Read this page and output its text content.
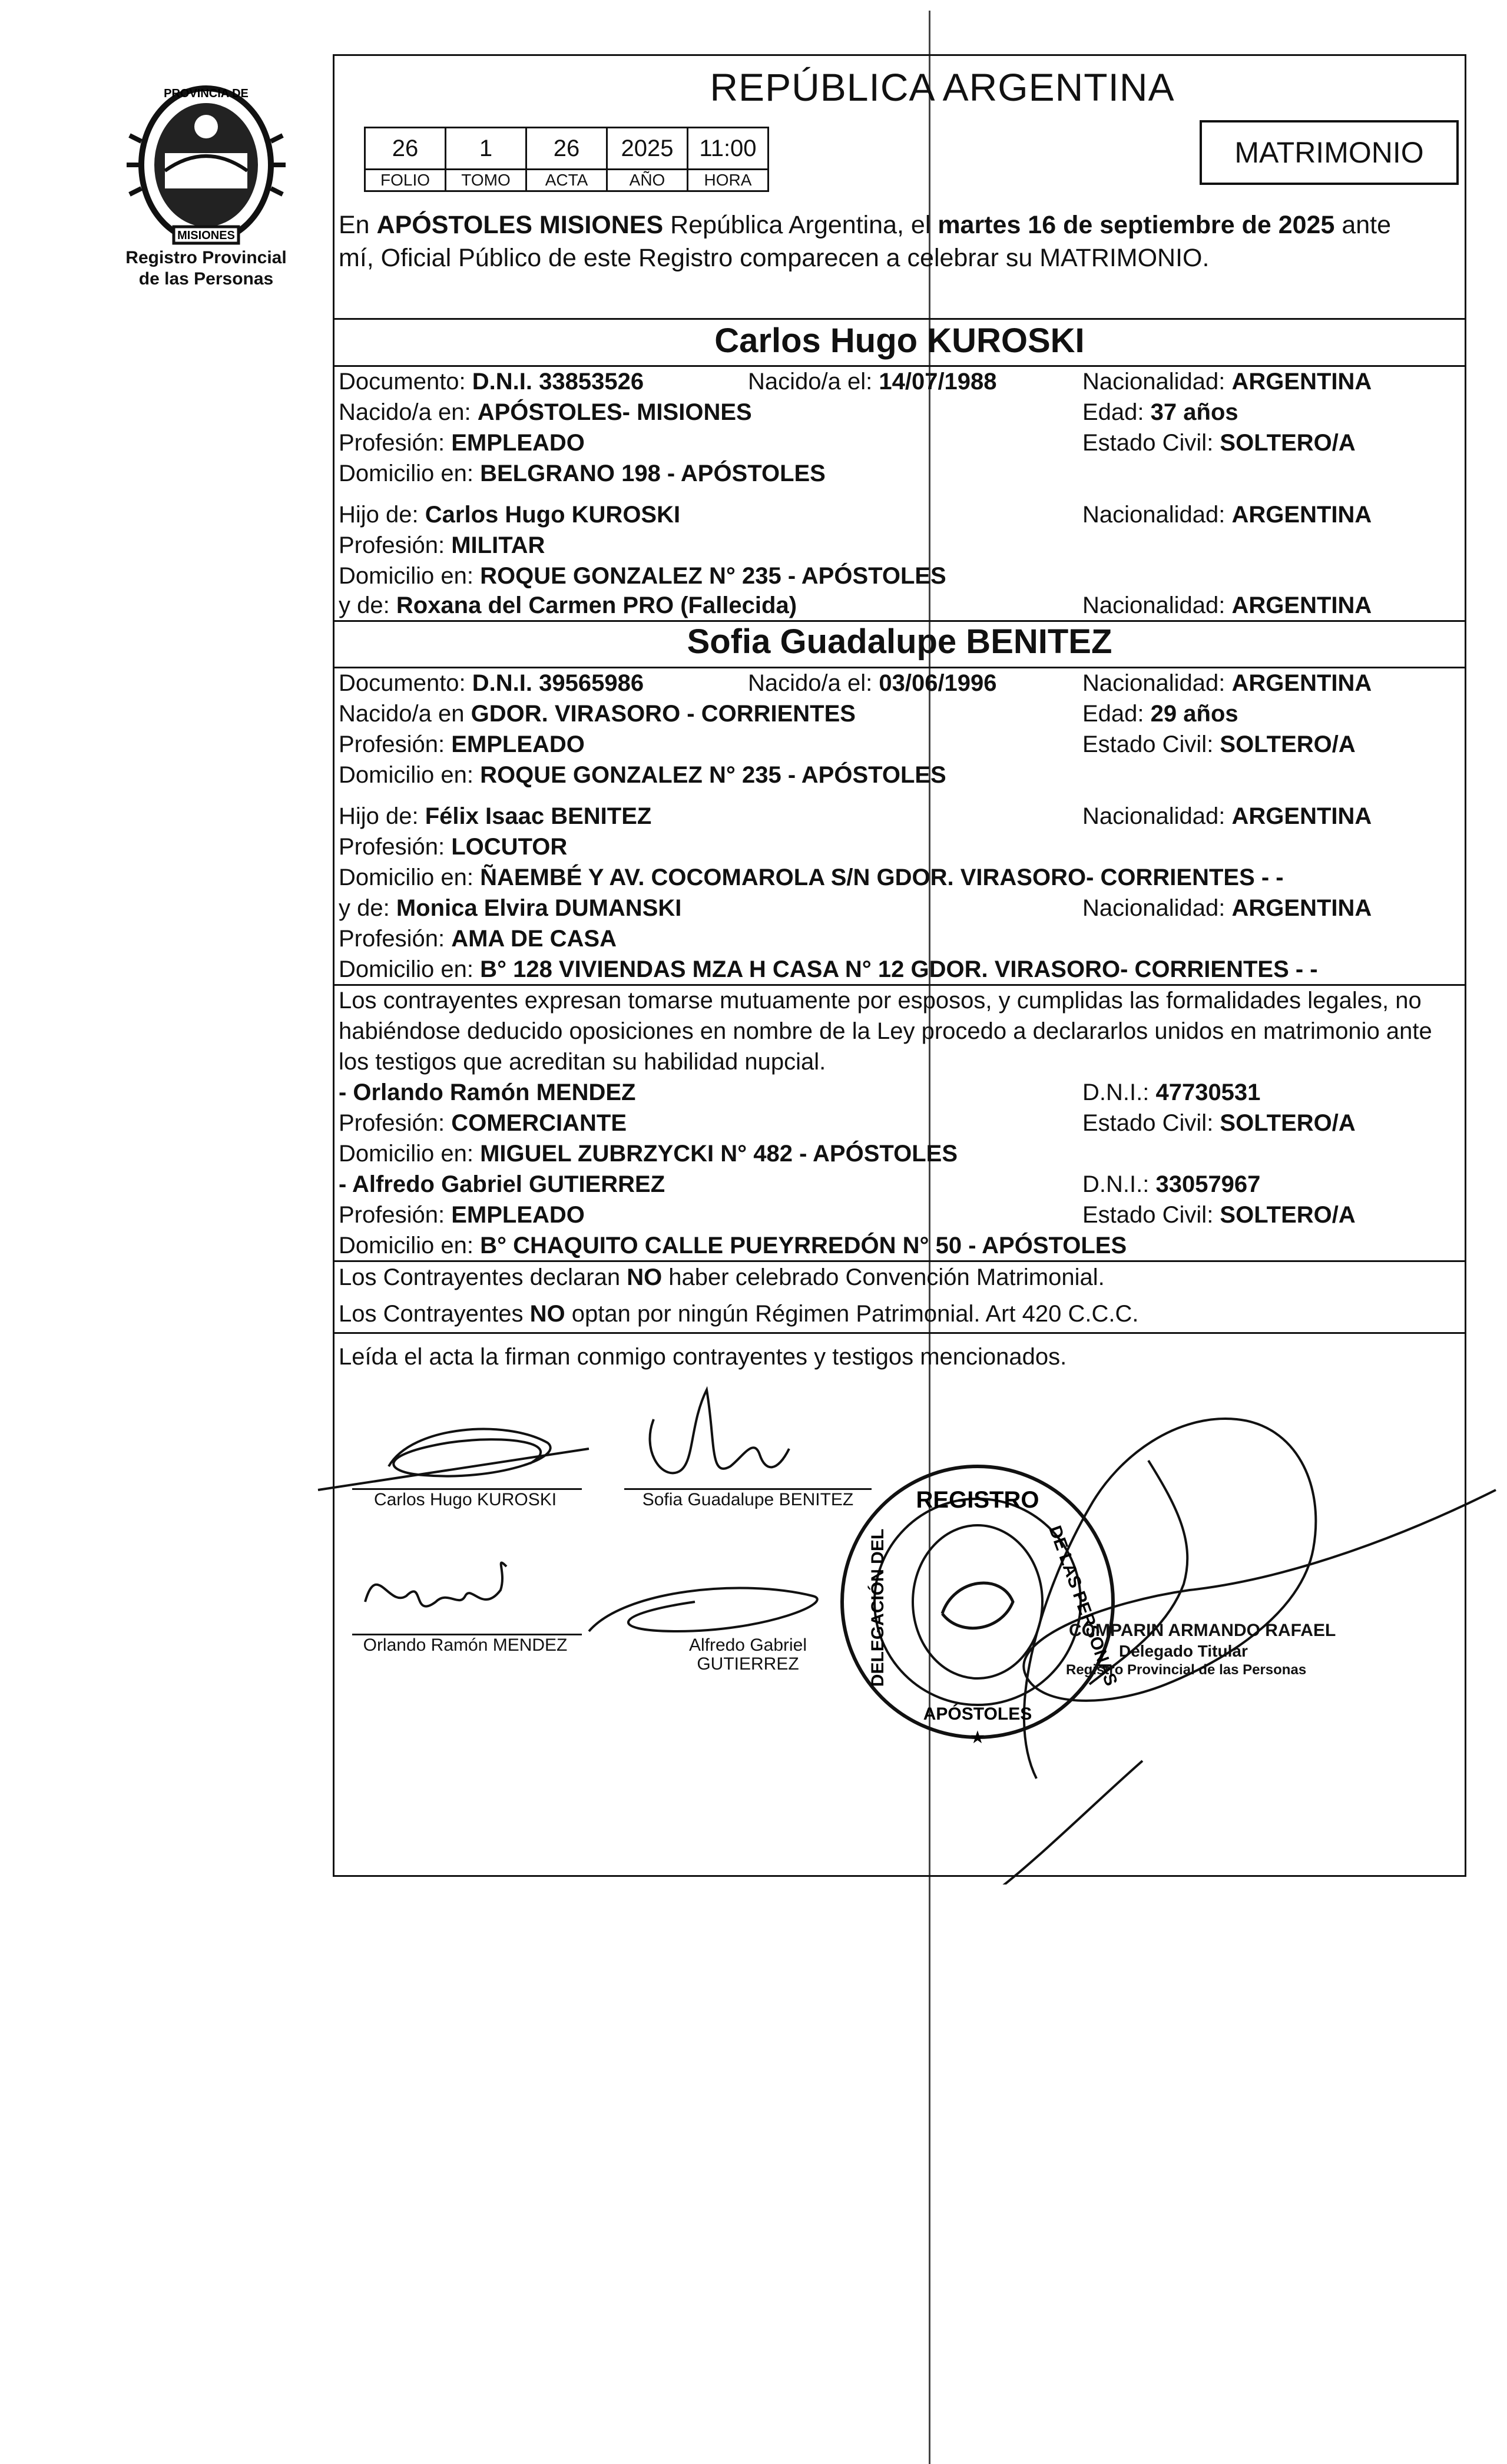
PROVINCIA DE
MISIONES
Registro Provincial
de las Personas
REPÚBLICA ARGENTINA
MATRIMONIO
26	1	26	2025	11:00
FOLIO	TOMO	ACTA	AÑO	HORA
En APÓSTOLES MISIONES República Argentina, el martes 16 de septiembre de 2025 ante
mí, Oficial Público de este Registro comparecen a celebrar su MATRIMONIO.
Carlos Hugo KUROSKI
Documento: D.N.I. 33853526	Nacido/a el: 14/07/1988	Nacionalidad: ARGENTINA
Nacido/a en: APÓSTOLES- MISIONES	Edad: 37 años
Profesión: EMPLEADO	Estado Civil: SOLTERO/A
Domicilio en: BELGRANO 198 - APÓSTOLES
Hijo de: Carlos Hugo KUROSKI	Nacionalidad: ARGENTINA
Profesión: MILITAR
Domicilio en: ROQUE GONZALEZ N° 235 - APÓSTOLES
y de: Roxana del Carmen PRO (Fallecida)	Nacionalidad: ARGENTINA
Sofia Guadalupe BENITEZ
Documento: D.N.I. 39565986	Nacido/a el: 03/06/1996	Nacionalidad: ARGENTINA
Nacido/a en GDOR. VIRASORO - CORRIENTES	Edad: 29 años
Profesión: EMPLEADO	Estado Civil: SOLTERO/A
Domicilio en: ROQUE GONZALEZ N° 235 - APÓSTOLES
Hijo de: Félix Isaac BENITEZ	Nacionalidad: ARGENTINA
Profesión: LOCUTOR
Domicilio en: ÑAEMBÉ Y AV. COCOMAROLA S/N GDOR. VIRASORO- CORRIENTES - -
y de: Monica Elvira DUMANSKI	Nacionalidad: ARGENTINA
Profesión: AMA DE CASA
Domicilio en: B° 128 VIVIENDAS MZA H CASA N° 12 GDOR. VIRASORO- CORRIENTES - -
Los contrayentes expresan tomarse mutuamente por esposos, y cumplidas las formalidades legales, no
habiéndose deducido oposiciones en nombre de la Ley procedo a declararlos unidos en matrimonio ante
los testigos que acreditan su habilidad nupcial.
- Orlando Ramón MENDEZ	D.N.I.: 47730531
Profesión: COMERCIANTE	Estado Civil: SOLTERO/A
Domicilio en: MIGUEL ZUBRZYCKI N° 482 - APÓSTOLES
- Alfredo Gabriel GUTIERREZ	D.N.I.: 33057967
Profesión: EMPLEADO	Estado Civil: SOLTERO/A
Domicilio en: B° CHAQUITO CALLE PUEYRREDÓN N° 50 - APÓSTOLES
Los Contrayentes declaran NO haber celebrado Convención Matrimonial.
Los Contrayentes NO optan por ningún Régimen Patrimonial. Art 420 C.C.C.
Leída el acta la firman conmigo contrayentes y testigos mencionados.
REGISTRO
DELEGACIÓN DEL	DE LAS PERSONAS
APÓSTOLES
★
Carlos Hugo KUROSKI	Sofia Guadalupe BENITEZ
Orlando Ramón MENDEZ	Alfredo Gabriel
GUTIERREZ
COMPARIN ARMANDO RAFAEL
Delegado Titular
Registro Provincial de las Personas
